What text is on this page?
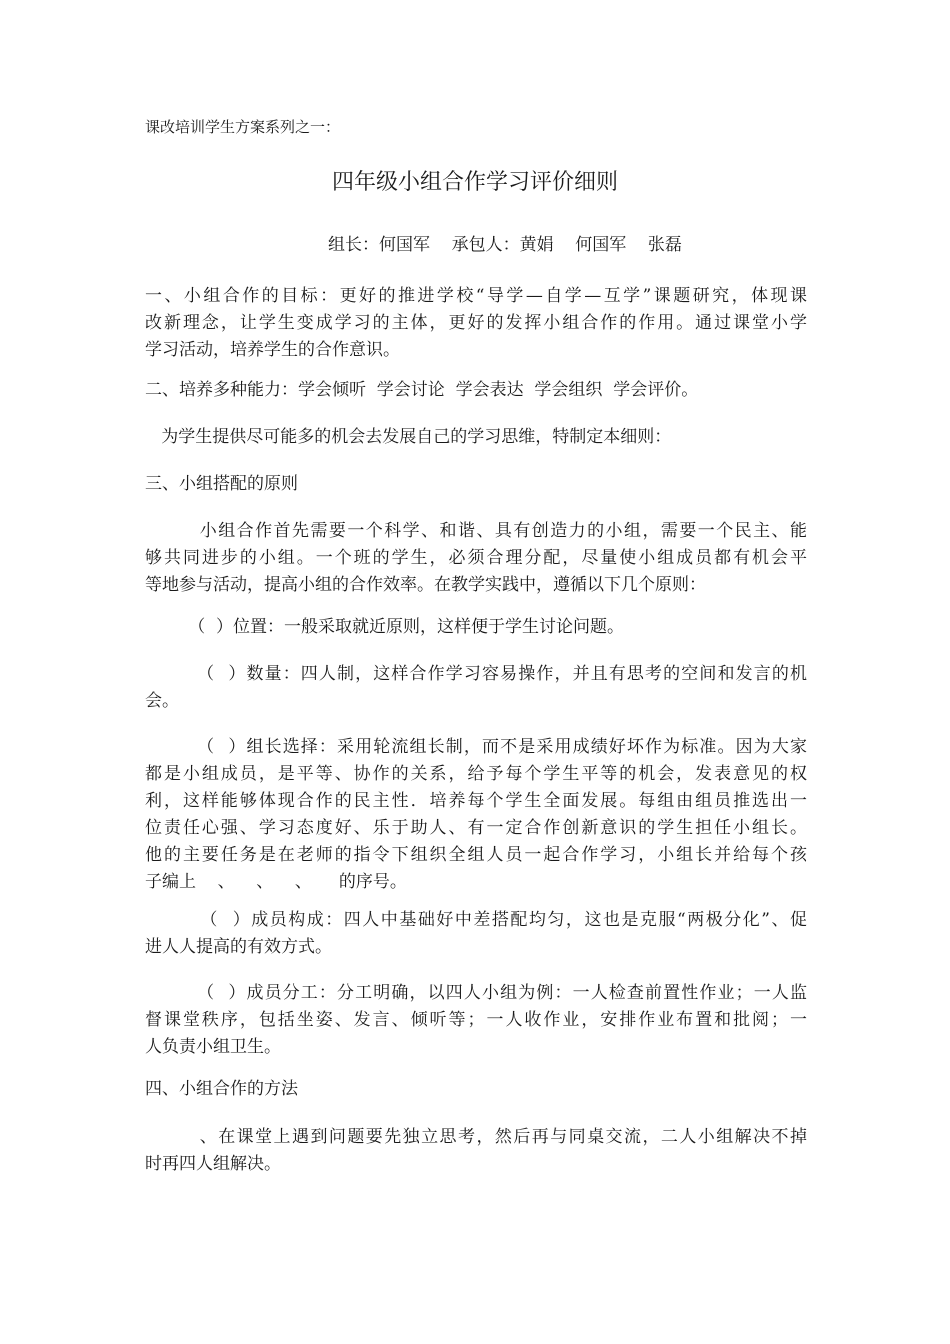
课改培训学生方案系列之一：
四年级小组合作学习评价细则
组长：何国军    承包人：黄娟    何国军    张磊
一、小组合作的目标：更好的推进学校“导学—自学—互学”课题研究，体现课
改新理念，让学生变成学习的主体，更好的发挥小组合作的作用。通过课堂小学
学习活动，培养学生的合作意识。
二、培养多种能力：学会倾听  学会讨论  学会表达  学会组织  学会评价。
为学生提供尽可能多的机会去发展自己的学习思维，特制定本细则：
三、小组搭配的原则
小组合作首先需要一个科学、和谐、具有创造力的小组，需要一个民主、能
够共同进步的小组。一个班的学生，必须合理分配，尽量使小组成员都有机会平
等地参与活动，提高小组的合作效率。在教学实践中，遵循以下几个原则：
（  ）位置：一般采取就近原则，这样便于学生讨论问题。
（  ）数量：四人制，这样合作学习容易操作，并且有思考的空间和发言的机
会。
（  ）组长选择：采用轮流组长制，而不是采用成绩好坏作为标准。因为大家
都是小组成员，是平等、协作的关系，给予每个学生平等的机会，发表意见的权
利，这样能够体现合作的民主性．培养每个学生全面发展。每组由组员推选出一
位责任心强、学习态度好、乐于助人、有一定合作创新意识的学生担任小组长。
他的主要任务是在老师的指令下组织全组人员一起合作学习，小组长并给每个孩
子编上    、    、    、     的序号。
（  ）成员构成：四人中基础好中差搭配均匀，这也是克服“两极分化”、促
进人人提高的有效方式。
（  ）成员分工：分工明确，以四人小组为例：一人检查前置性作业；一人监
督课堂秩序，包括坐姿、发言、倾听等；一人收作业，安排作业布置和批阅；一
人负责小组卫生。
四、小组合作的方法
、在课堂上遇到问题要先独立思考，然后再与同桌交流，二人小组解决不掉
时再四人组解决。
